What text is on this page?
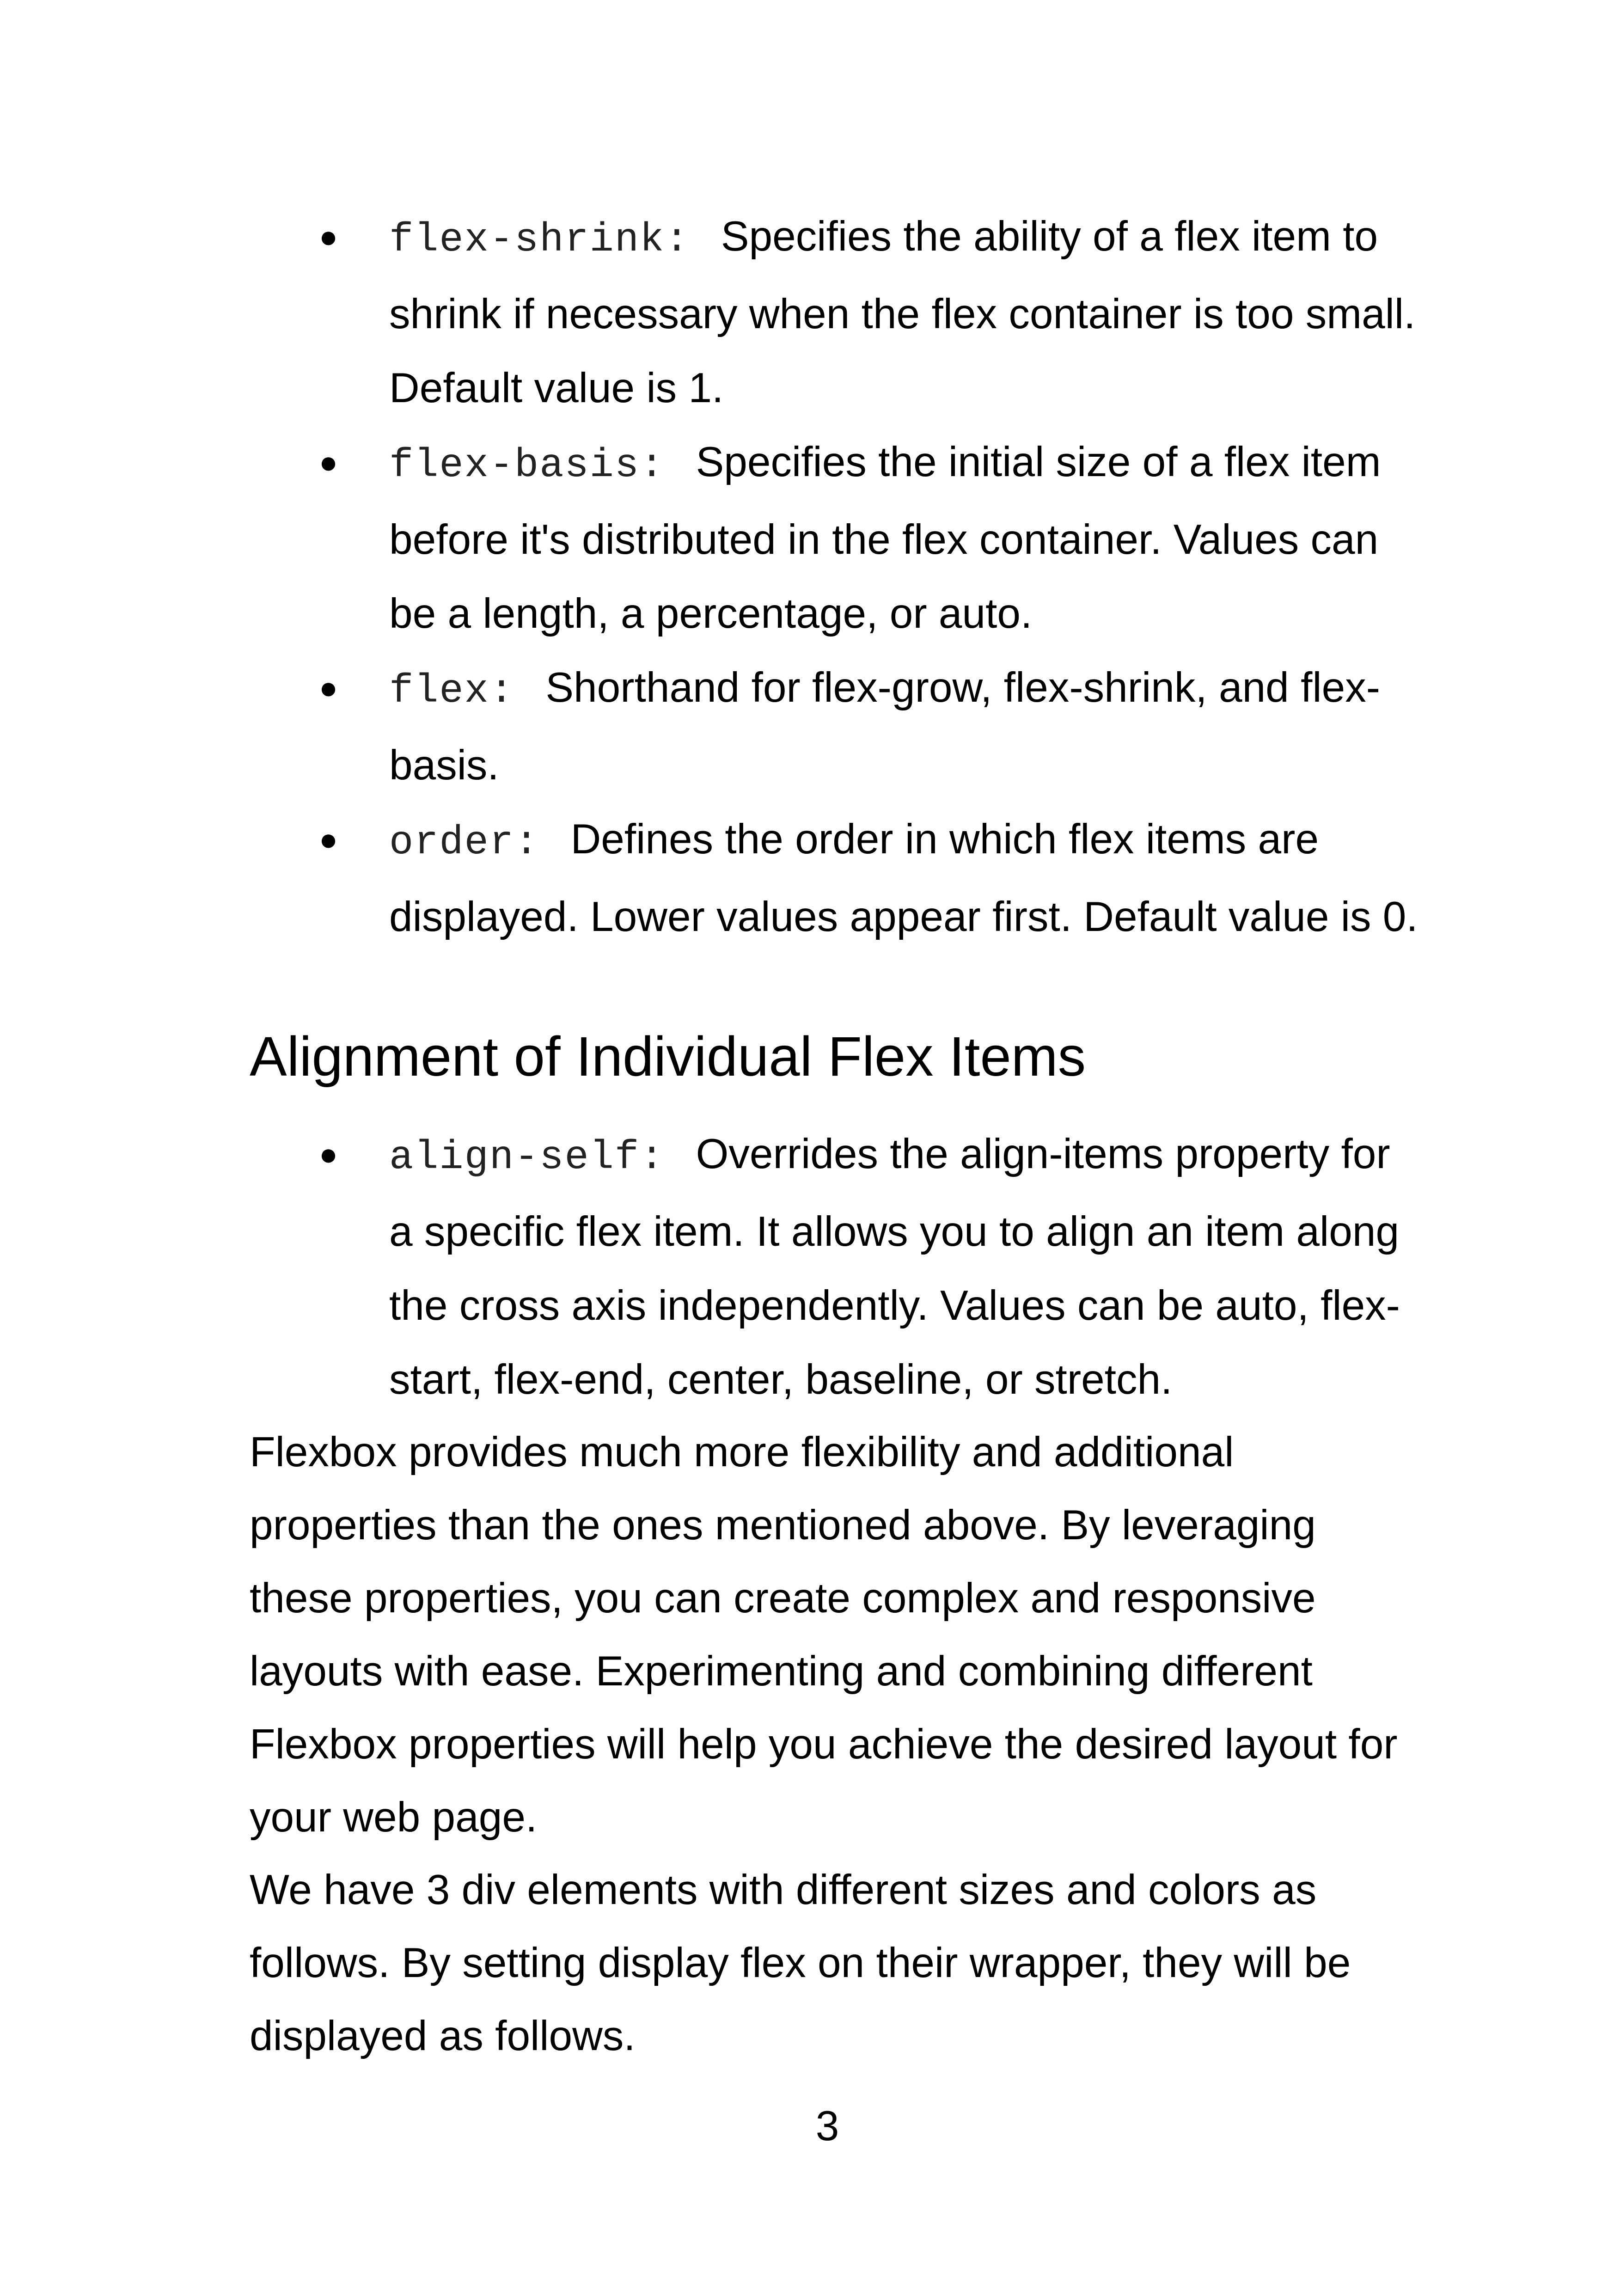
● flex-shrink: Specifies the ability of a flex item to shrink if necessary when the flex container is too small. Default value is 1.
● flex-basis: Specifies the initial size of a flex item before it's distributed in the flex container. Values can be a length, a percentage, or auto.
● flex: Shorthand for flex-grow, flex-shrink, and flex-basis.
● order: Defines the order in which flex items are displayed. Lower values appear first. Default value is 0.
Alignment of Individual Flex Items
● align-self: Overrides the align-items property for a specific flex item. It allows you to align an item along the cross axis independently. Values can be auto, flex-start, flex-end, center, baseline, or stretch.

Flexbox provides much more flexibility and additional properties than the ones mentioned above. By leveraging these properties, you can create complex and responsive layouts with ease. Experimenting and combining different Flexbox properties will help you achieve the desired layout for your web page.

We have 3 div elements with different sizes and colors as follows. By setting display flex on their wrapper, they will be displayed as follows.

3
